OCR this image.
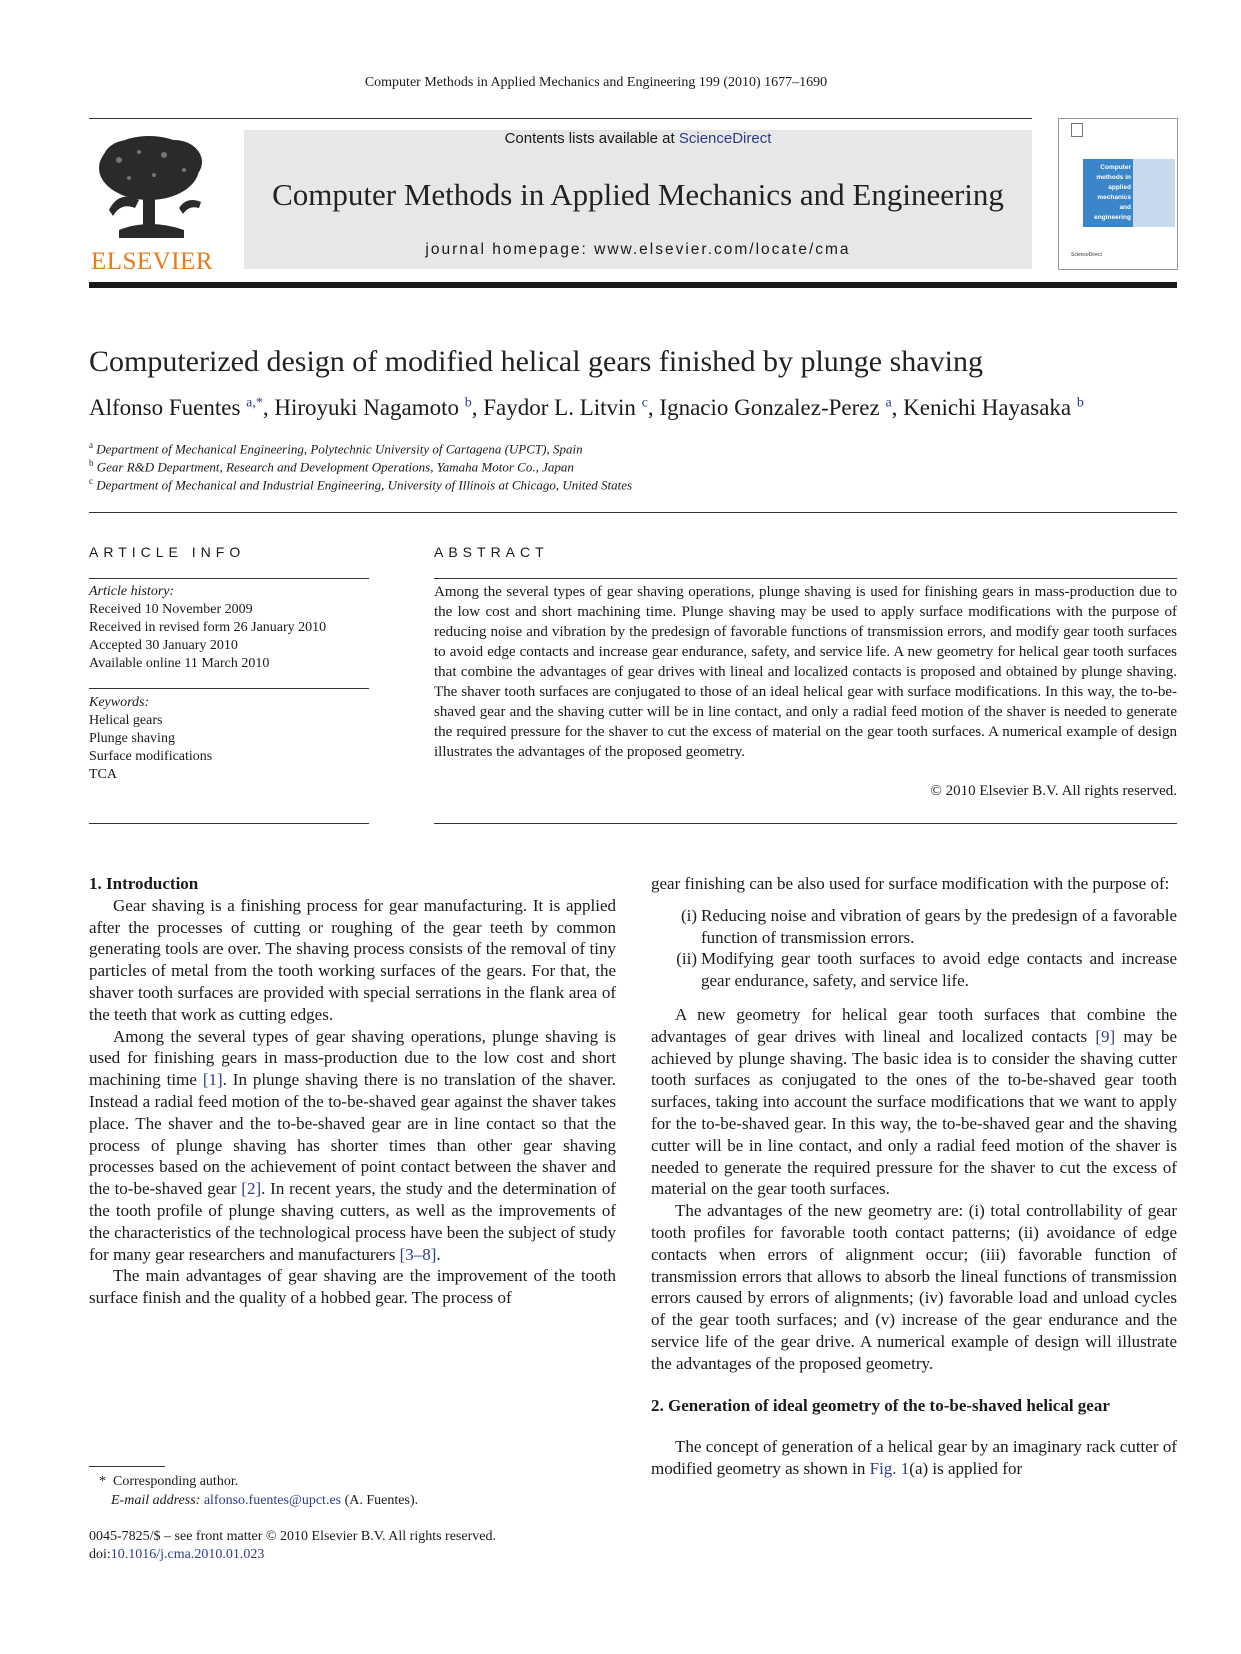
Computer Methods in Applied Mechanics and Engineering 199 (2010) 1677–1690
ELSEVIER
Contents lists available at ScienceDirect
Computer Methods in Applied Mechanics and Engineering
journal homepage: www.elsevier.com/locate/cma
Computer
methods in
applied
mechanics
and
engineering
ScienceDirect
Computerized design of modified helical gears finished by plunge shaving
Alfonso Fuentes $^{a,*}$, Hiroyuki Nagamoto $^b$, Faydor L. Litvin $^c$, Ignacio Gonzalez-Perez $^a$, Kenichi Hayasaka $^b$
$^a$ Department of Mechanical Engineering, Polytechnic University of Cartagena (UPCT), Spain
$^b$ Gear R&D Department, Research and Development Operations, Yamaha Motor Co., Japan
$^c$ Department of Mechanical and Industrial Engineering, University of Illinois at Chicago, United States
ARTICLE INFO	ABSTRACT
Article history:
Received 10 November 2009
Received in revised form 26 January 2010
Accepted 30 January 2010
Available online 11 March 2010
Keywords:
Helical gears
Plunge shaving
Surface modifications
TCA
Among the several types of gear shaving operations, plunge shaving is used for finishing gears in mass-production due to the low cost and short machining time. Plunge shaving may be used to apply surface modifications with the purpose of reducing noise and vibration by the predesign of favorable functions of transmission errors, and modify gear tooth surfaces to avoid edge contacts and increase gear endurance, safety, and service life. A new geometry for helical gear tooth surfaces that combine the advantages of gear drives with lineal and localized contacts is proposed and obtained by plunge shaving. The shaver tooth surfaces are conjugated to those of an ideal helical gear with surface modifications. In this way, the to-be-shaved gear and the shaving cutter will be in line contact, and only a radial feed motion of the shaver is needed to generate the required pressure for the shaver to cut the excess of material on the gear tooth surfaces. A numerical example of design illustrates the advantages of the proposed geometry.
© 2010 Elsevier B.V. All rights reserved.

1. Introduction

Gear shaving is a finishing process for gear manufacturing. It is applied after the processes of cutting or roughing of the gear teeth by common generating tools are over. The shaving process consists of the removal of tiny particles of metal from the tooth working surfaces of the gears. For that, the shaver tooth surfaces are provided with special serrations in the flank area of the teeth that work as cutting edges.

Among the several types of gear shaving operations, plunge shaving is used for finishing gears in mass-production due to the low cost and short machining time [1]. In plunge shaving there is no translation of the shaver. Instead a radial feed motion of the to-be-shaved gear against the shaver takes place. The shaver and the to-be-shaved gear are in line contact so that the process of plunge shaving has shorter times than other gear shaving processes based on the achievement of point contact between the shaver and the to-be-shaved gear [2]. In recent years, the study and the determination of the tooth profile of plunge shaving cutters, as well as the improvements of the characteristics of the technological process have been the subject of study for many gear researchers and manufacturers [3–8].

The main advantages of gear shaving are the improvement of the tooth surface finish and the quality of a hobbed gear. The process of

gear finishing can be also used for surface modification with the purpose of:

(i) Reducing noise and vibration of gears by the predesign of a favorable function of transmission errors.
(ii) Modifying gear tooth surfaces to avoid edge contacts and increase gear endurance, safety, and service life.

A new geometry for helical gear tooth surfaces that combine the advantages of gear drives with lineal and localized contacts [9] may be achieved by plunge shaving. The basic idea is to consider the shaving cutter tooth surfaces as conjugated to the ones of the to-be-shaved gear tooth surfaces, taking into account the surface modifications that we want to apply for the to-be-shaved gear. In this way, the to-be-shaved gear and the shaving cutter will be in line contact, and only a radial feed motion of the shaver is needed to generate the required pressure for the shaver to cut the excess of material on the gear tooth surfaces.

The advantages of the new geometry are: (i) total controllability of gear tooth profiles for favorable tooth contact patterns; (ii) avoidance of edge contacts when errors of alignment occur; (iii) favorable function of transmission errors that allows to absorb the lineal functions of transmission errors caused by errors of alignments; (iv) favorable load and unload cycles of the gear tooth surfaces; and (v) increase of the gear endurance and the service life of the gear drive. A numerical example of design will illustrate the advantages of the proposed geometry.

2. Generation of ideal geometry of the to-be-shaved helical gear

The concept of generation of a helical gear by an imaginary rack cutter of modified geometry as shown in Fig. 1(a) is applied for

* Corresponding author.
E-mail address: alfonso.fuentes@upct.es (A. Fuentes).
0045-7825/$ – see front matter © 2010 Elsevier B.V. All rights reserved.
doi:10.1016/j.cma.2010.01.023
